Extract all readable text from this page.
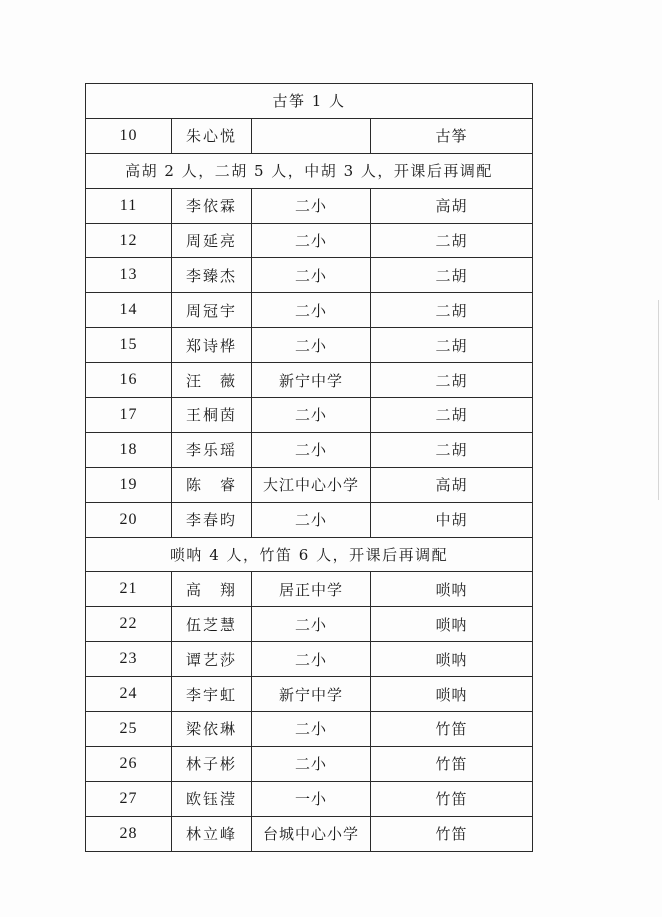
古筝 1 人			
10	朱心悦		古筝
高胡 2 人，二胡 5 人，中胡 3 人，开课后再调配			
11	李依霖	二小	高胡
12	周延亮	二小	二胡
13	李臻杰	二小	二胡
14	周冠宇	二小	二胡
15	郑诗桦	二小	二胡
16	汪　薇	新宁中学	二胡
17	王桐茵	二小	二胡
18	李乐瑶	二小	二胡
19	陈　睿	大江中心小学	高胡
20	李春昀	二小	中胡
唢呐 4 人，竹笛 6 人，开课后再调配			
21	高　翔	居正中学	唢呐
22	伍芝慧	二小	唢呐
23	谭艺莎	二小	唢呐
24	李宇虹	新宁中学	唢呐
25	梁依琳	二小	竹笛
26	林子彬	二小	竹笛
27	欧钰滢	一小	竹笛
28	林立峰	台城中心小学	竹笛
